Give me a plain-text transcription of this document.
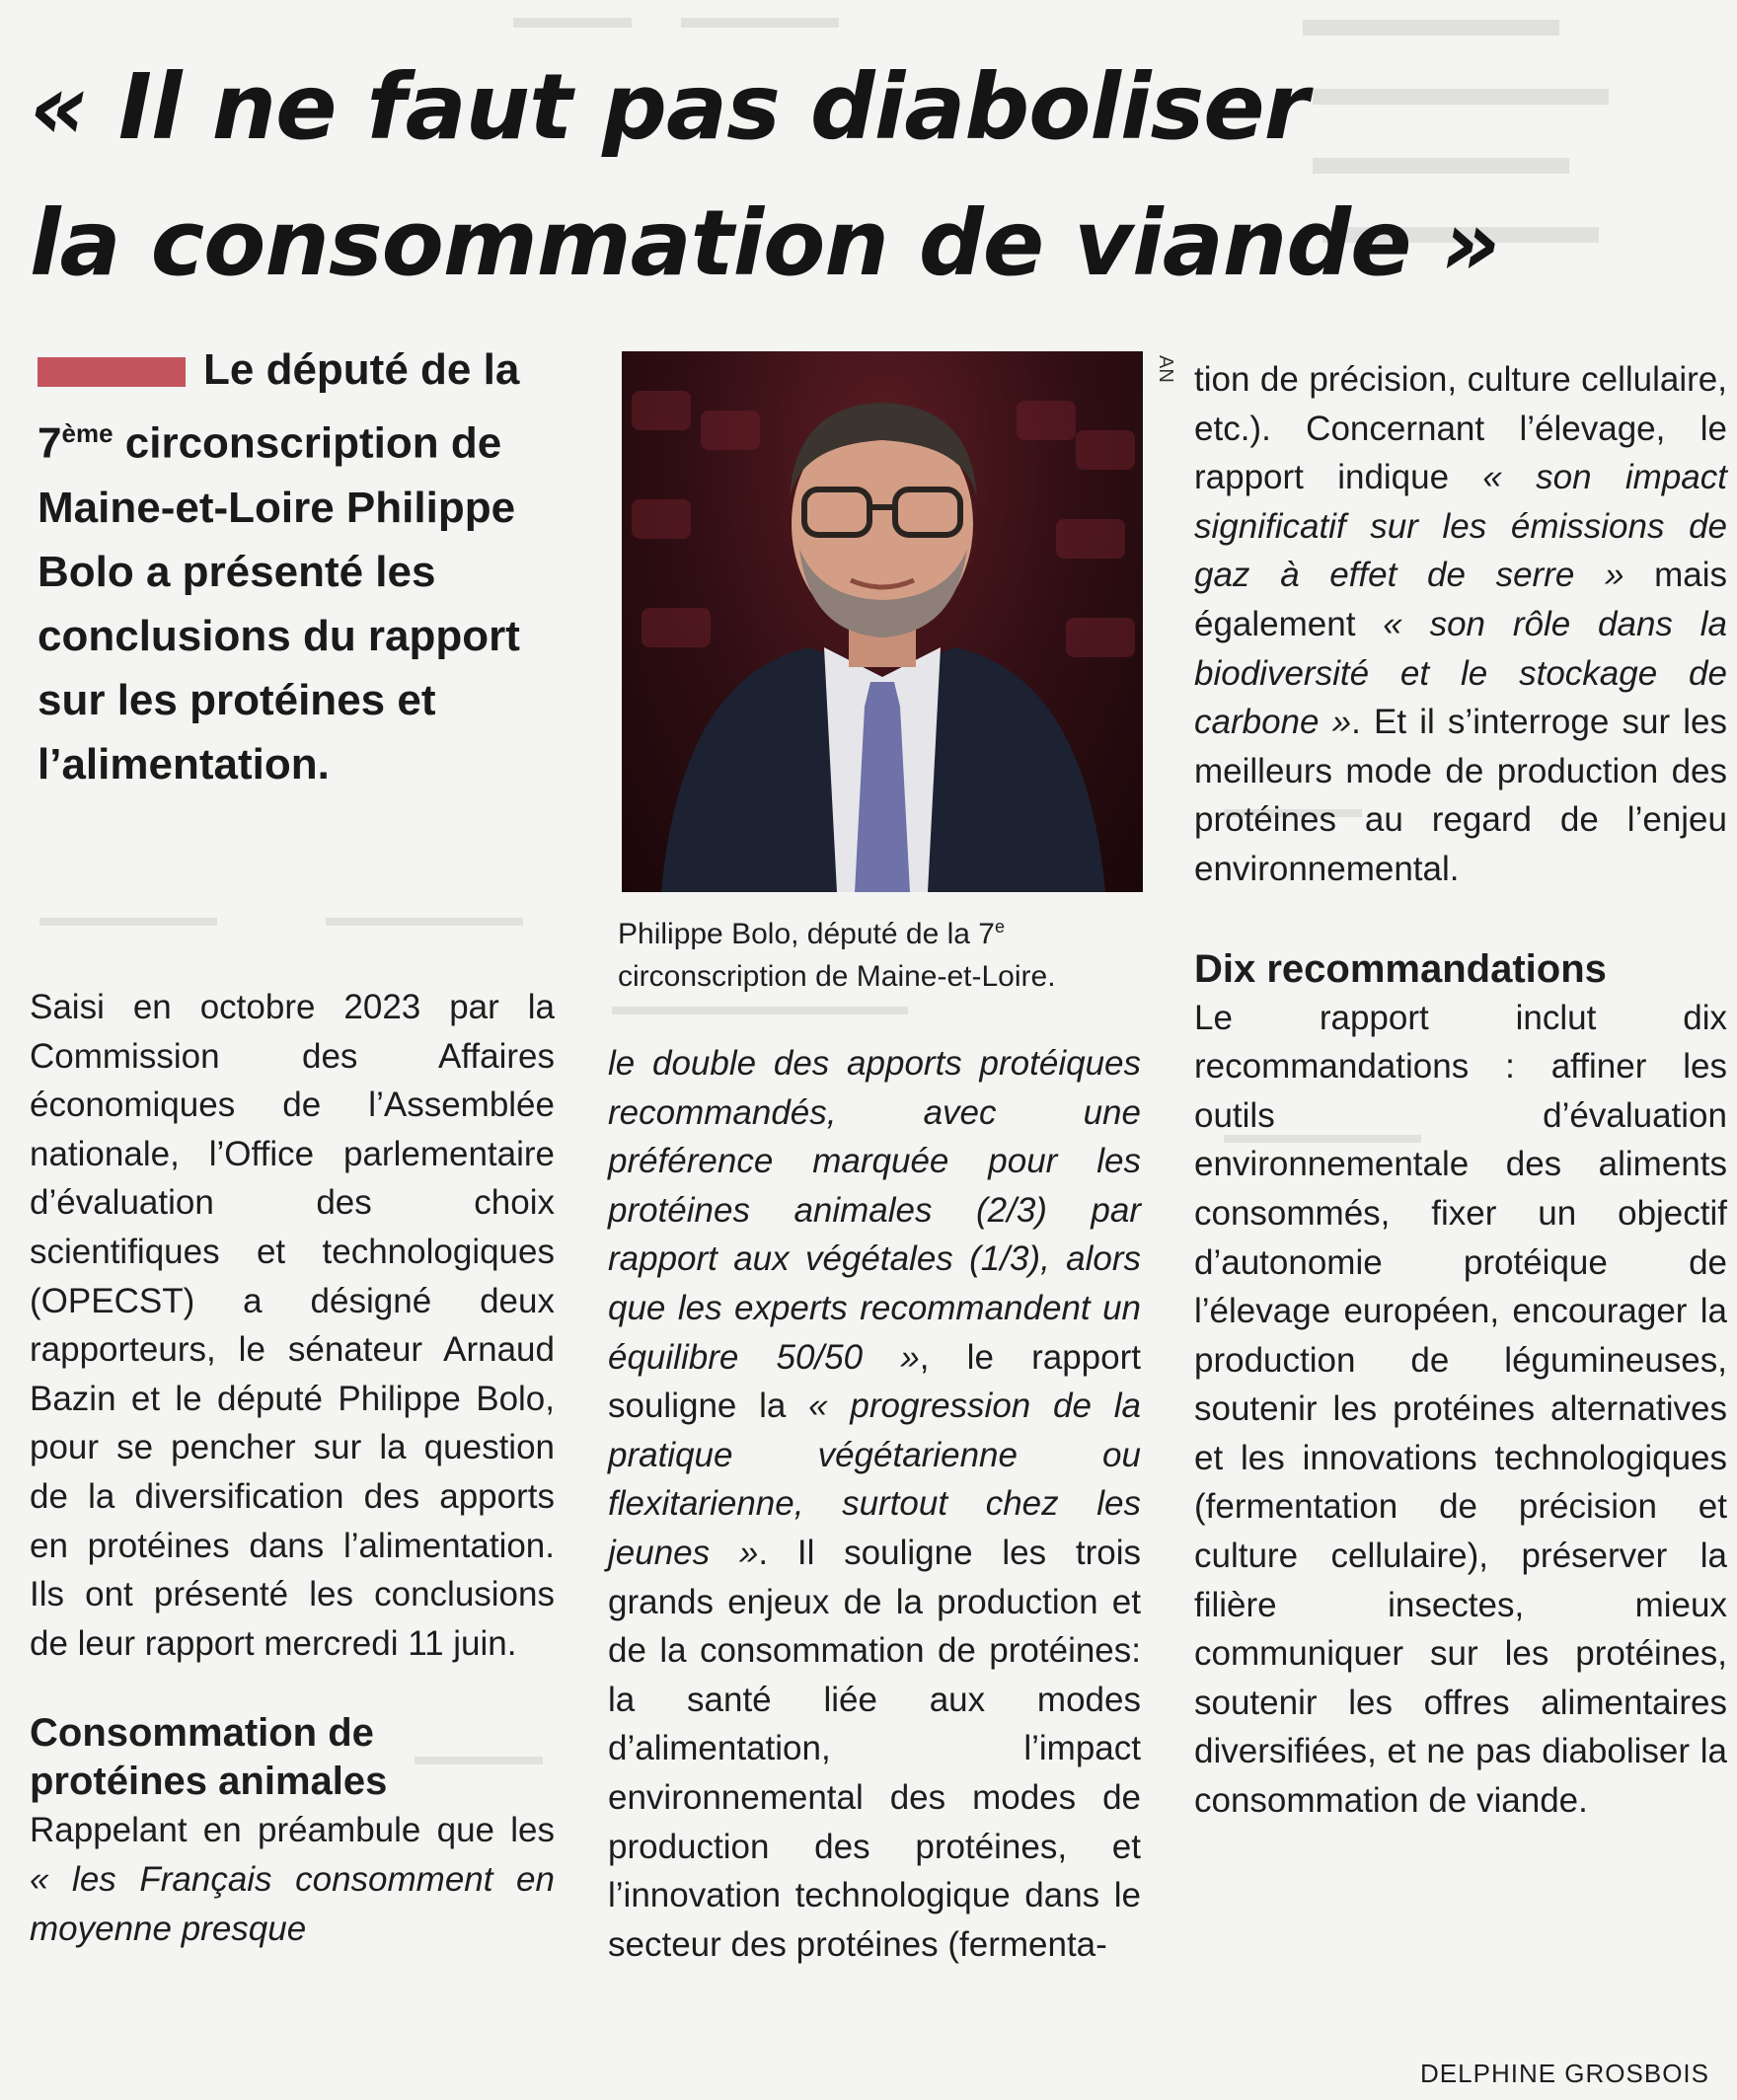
« Il ne faut pas diaboliser
la consommation de viande »
Le député de la 7ème circonscription de Maine-et-Loire Philippe Bolo a présenté les conclusions du rapport sur les protéines et l’alimentation.
AN
Philippe Bolo, député de la 7e circonscription de Maine-et-Loire.

Saisi en octobre 2023 par la Commission des Affaires économiques de l’Assemblée nationale, l’Office parlementaire d’évaluation des choix scientifiques et technologiques (OPECST) a désigné deux rapporteurs, le sénateur Arnaud Bazin et le député Philippe Bolo, pour se pencher sur la question de la diversification des apports en protéines dans l’alimentation. Ils ont présenté les conclusions de leur rapport mercredi 11 juin.

Consommation de protéines animales

Rappelant en préambule que les « les Français consomment en moyenne presque

le double des apports protéiques recommandés, avec une préférence marquée pour les protéines animales (2/3) par rapport aux végétales (1/3), alors que les experts recommandent un équilibre 50/50 », le rapport souligne la « progression de la pratique végétarienne ou flexitarienne, surtout chez les jeunes ». Il souligne les trois grands enjeux de la production et de la consommation de protéines: la santé liée aux modes d’alimentation, l’impact environnemental des modes de production des protéines, et l’innovation technologique dans le secteur des protéines (fermenta-

tion de précision, culture cellulaire, etc.). Concernant l’élevage, le rapport indique « son impact significatif sur les émissions de gaz à effet de serre » mais également « son rôle dans la biodiversité et le stockage de carbone ». Et il s’interroge sur les meilleurs mode de production des protéines au regard de l’enjeu environnemental.

Dix recommandations

Le rapport inclut dix recommandations : affiner les outils d’évaluation environnementale des aliments consommés, fixer un objectif d’autonomie protéique de l’élevage européen, encourager la production de légumineuses, soutenir les protéines alternatives et les innovations technologiques (fermentation de précision et culture cellulaire), préserver la filière insectes, mieux communiquer sur les protéines, soutenir les offres alimentaires diversifiées, et ne pas diaboliser la consommation de viande.

DELPHINE GROSBOIS
